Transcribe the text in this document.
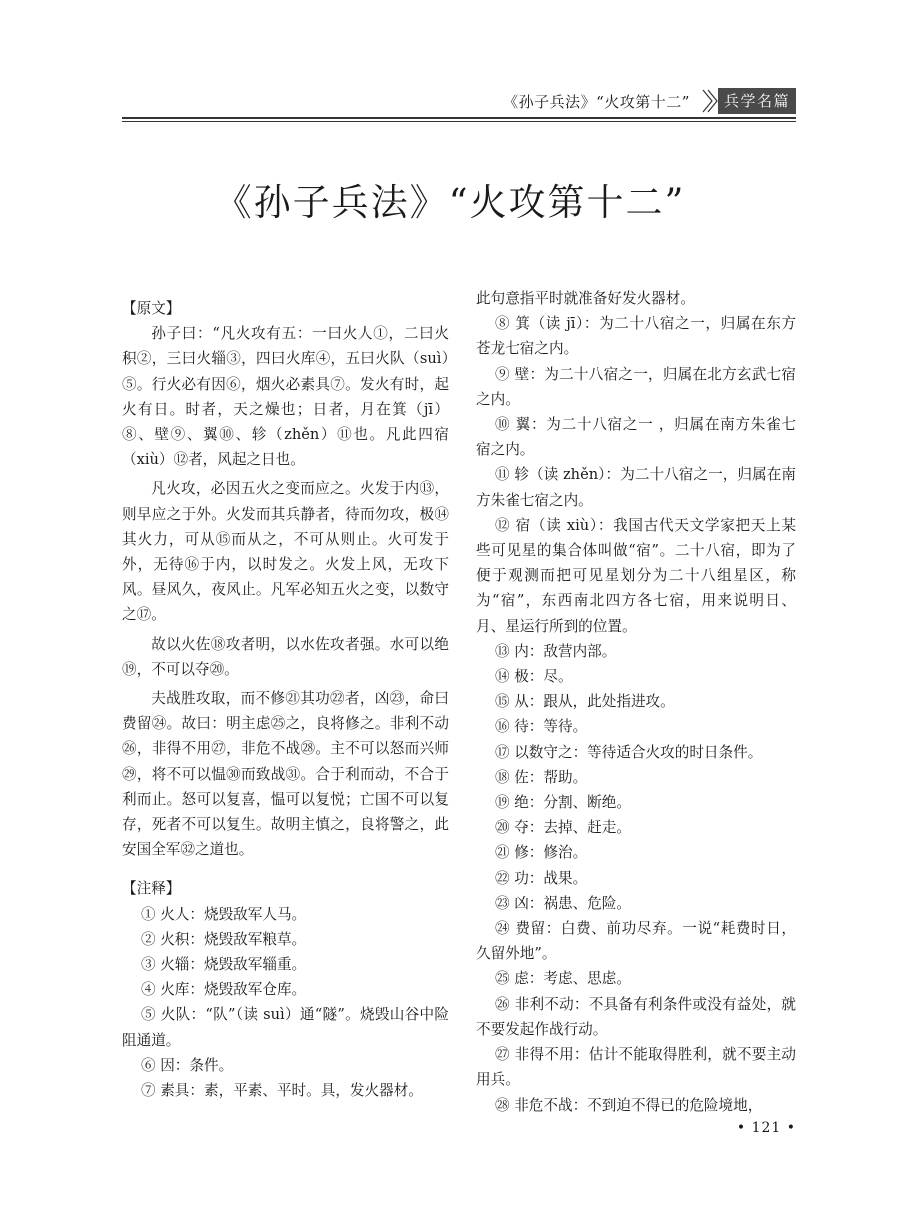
《孙子兵法》“火攻第十二”	兵学名篇
《孙子兵法》“火攻第十二”

【原文】

孙子曰：“凡火攻有五：一曰火人①，二曰火积②，三曰火辎③，四曰火库④，五曰火队（suì）⑤。行火必有因⑥，烟火必素具⑦。发火有时，起火有日。时者，天之燥也；日者，月在箕（jī）⑧、壁⑨、翼⑩、轸（zhěn）⑪也。凡此四宿（xiù）⑫者，风起之日也。

凡火攻，必因五火之变而应之。火发于内⑬，则早应之于外。火发而其兵静者，待而勿攻，极⑭其火力，可从⑮而从之，不可从则止。火可发于外，无待⑯于内，以时发之。火发上风，无攻下风。昼风久，夜风止。凡军必知五火之变，以数守之⑰。

故以火佐⑱攻者明，以水佐攻者强。水可以绝⑲，不可以夺⑳。

夫战胜攻取，而不修㉑其功㉒者，凶㉓，命曰费留㉔。故曰：明主虑㉕之，良将修之。非利不动㉖，非得不用㉗，非危不战㉘。主不可以怒而兴师㉙，将不可以愠㉚而致战㉛。合于利而动，不合于利而止。怒可以复喜，愠可以复悦；亡国不可以复存，死者不可以复生。故明主慎之，良将警之，此安国全军㉜之道也。

【注释】

① 火人：烧毁敌军人马。

② 火积：烧毁敌军粮草。

③ 火辎：烧毁敌军辎重。

④ 火库：烧毁敌军仓库。

⑤ 火队：“队”（读 suì）通“隧”。烧毁山谷中险阻通道。

⑥ 因：条件。

⑦ 素具：素，平素、平时。具，发火器材。

此句意指平时就准备好发火器材。

⑧ 箕（读 jī）：为二十八宿之一，归属在东方苍龙七宿之内。

⑨ 壁：为二十八宿之一，归属在北方玄武七宿之内。

⑩ 翼：为二十八宿之一 ，归属在南方朱雀七宿之内。

⑪ 轸（读 zhěn）：为二十八宿之一，归属在南方朱雀七宿之内。

⑫ 宿（读 xiù）：我国古代天文学家把天上某些可见星的集合体叫做“宿”。二十八宿，即为了便于观测而把可见星划分为二十八组星区，称为“宿”，东西南北四方各七宿，用来说明日、月、星运行所到的位置。

⑬ 内：敌营内部。

⑭ 极：尽。

⑮ 从：跟从，此处指进攻。

⑯ 待：等待。

⑰ 以数守之：等待适合火攻的时日条件。

⑱ 佐：帮助。

⑲ 绝：分割、断绝。

⑳ 夺：去掉、赶走。

㉑ 修：修治。

㉒ 功：战果。

㉓ 凶：祸患、危险。

㉔ 费留：白费、前功尽弃。一说“耗费时日，久留外地”。

㉕ 虑：考虑、思虑。

㉖ 非利不动：不具备有利条件或没有益处，就不要发起作战行动。

㉗ 非得不用：估计不能取得胜利，就不要主动用兵。

㉘ 非危不战：不到迫不得已的危险境地，

• 121 •
